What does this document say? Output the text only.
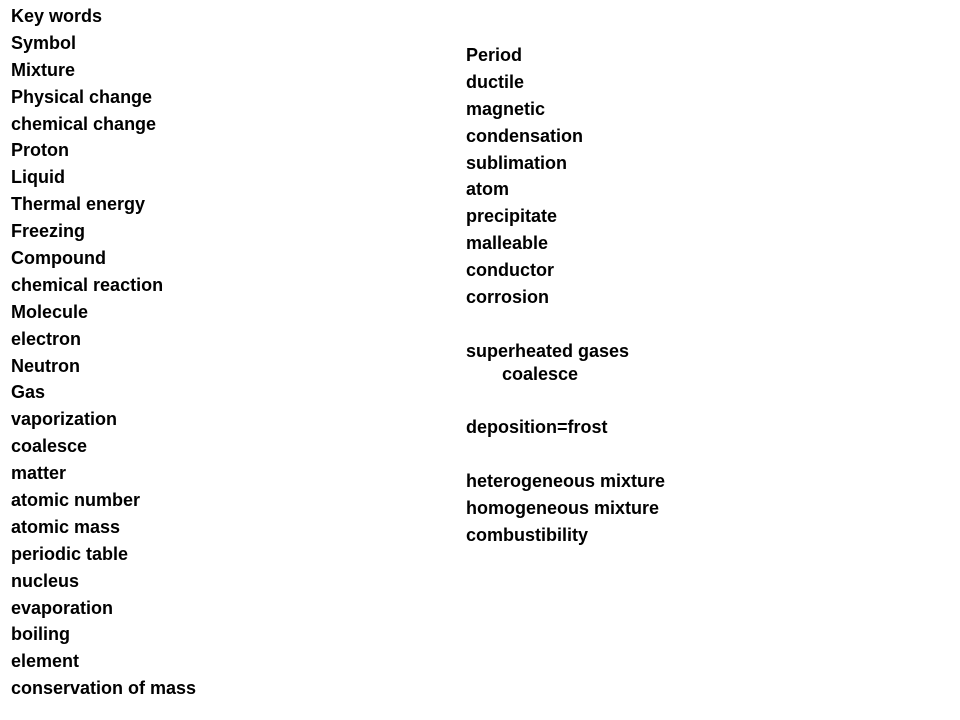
Key words
Symbol
Mixture
Physical change
chemical change
Proton
Liquid
Thermal energy
Freezing
Compound
chemical reaction
Molecule
electron
Neutron
Gas
vaporization
coalesce
matter
atomic number
atomic mass
periodic table
nucleus
evaporation
boiling
element
conservation of mass
Period
ductile
magnetic
condensation
sublimation
atom
precipitate
malleable
conductor
corrosion
superheated gases
coalesce
deposition=frost
heterogeneous mixture
homogeneous mixture
combustibility
